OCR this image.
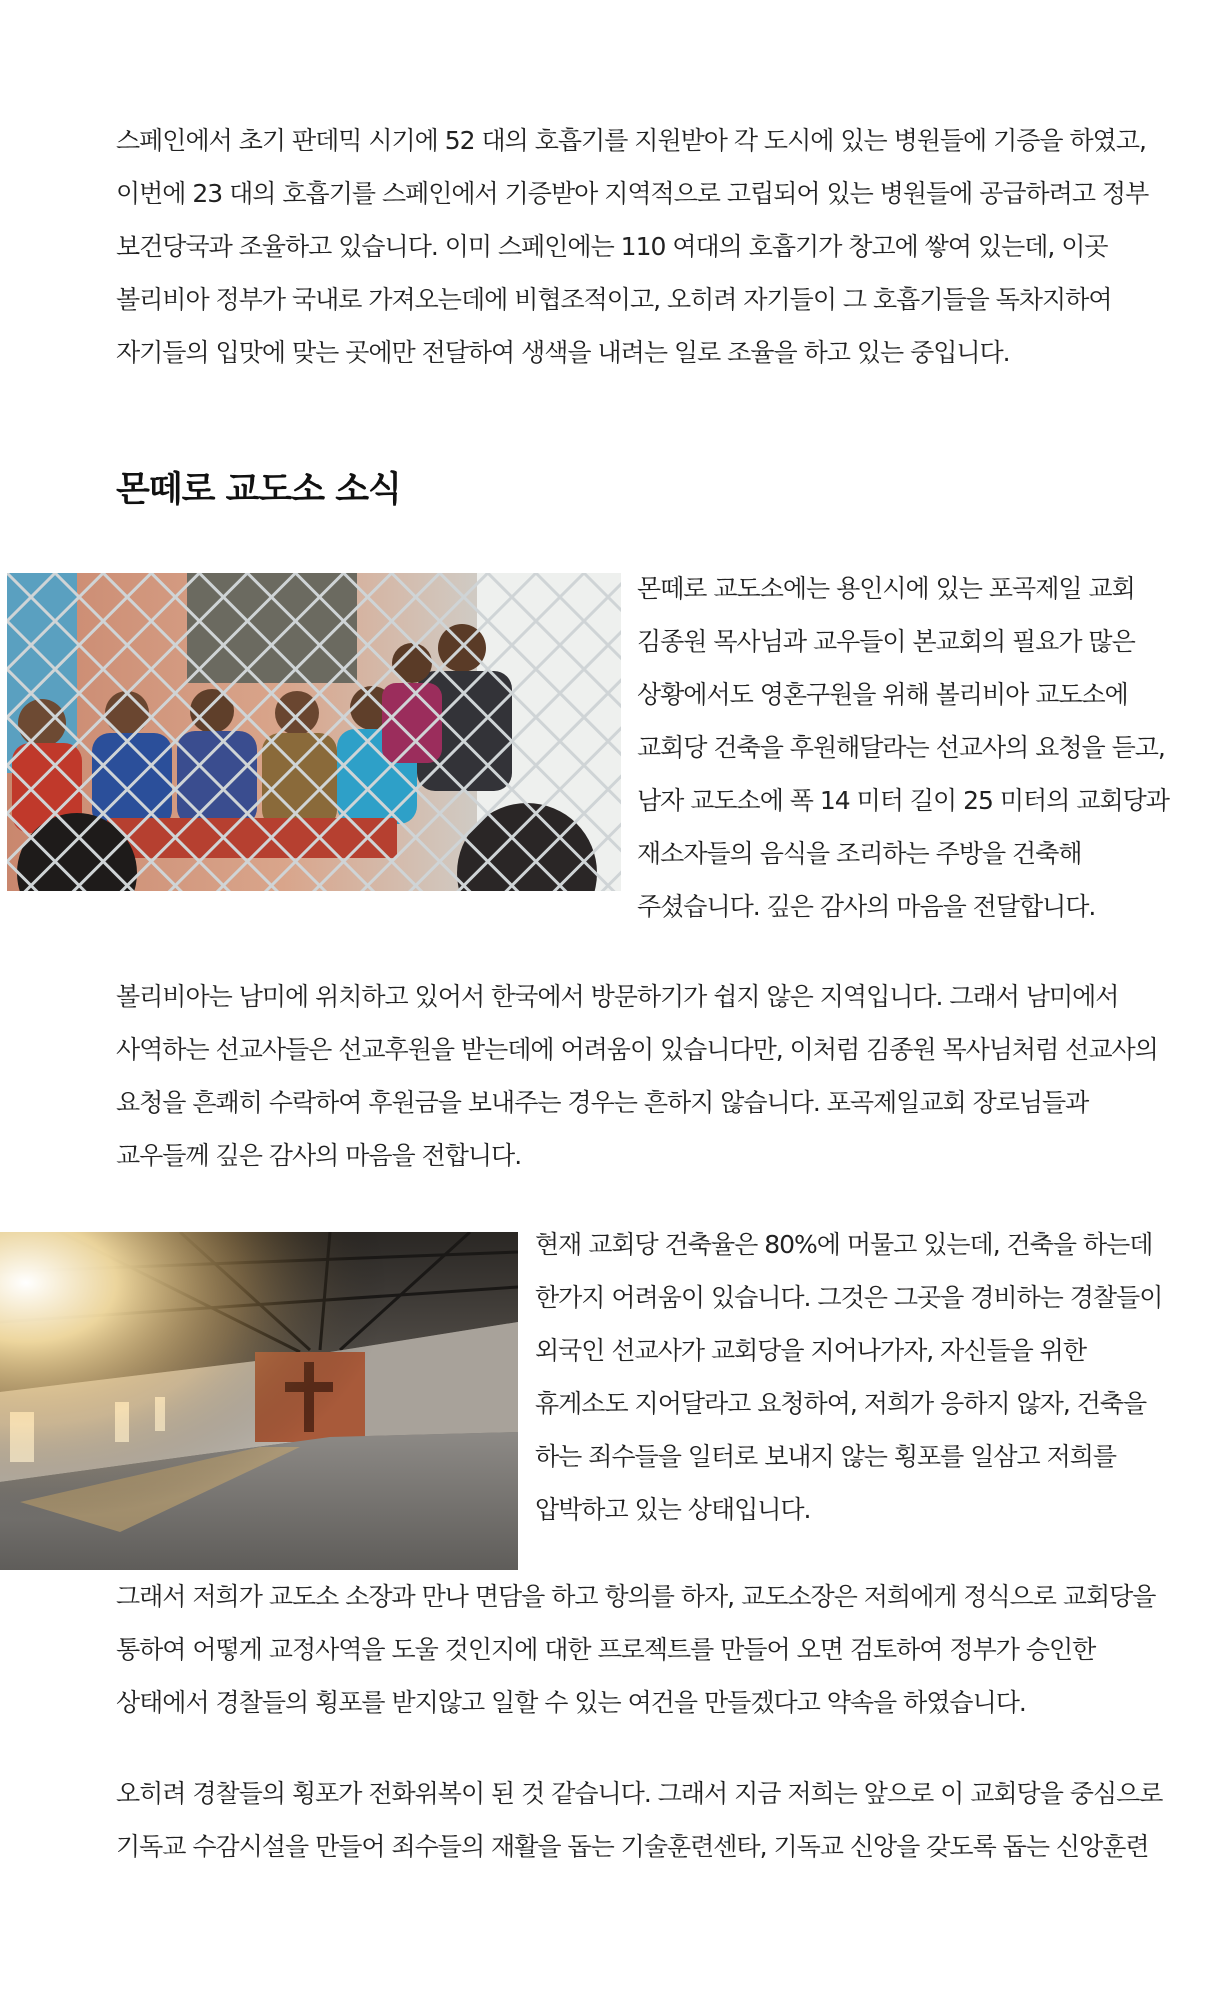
스페인에서 초기 판데믹 시기에 52 대의 호흡기를 지원받아 각 도시에 있는 병원들에 기증을 하였고,
이번에 23 대의 호흡기를 스페인에서 기증받아 지역적으로 고립되어 있는 병원들에 공급하려고 정부
보건당국과 조율하고 있습니다. 이미 스페인에는 110 여대의 호흡기가 창고에 쌓여 있는데, 이곳
볼리비아 정부가 국내로 가져오는데에 비협조적이고, 오히려 자기들이 그 호흡기들을 독차지하여
자기들의 입맛에 맞는 곳에만 전달하여 생색을 내려는 일로 조율을 하고 있는 중입니다.
몬떼로 교도소 소식
몬떼로 교도소에는 용인시에 있는 포곡제일 교회
김종원 목사님과 교우들이 본교회의 필요가 많은
상황에서도 영혼구원을 위해 볼리비아 교도소에
교회당 건축을 후원해달라는 선교사의 요청을 듣고,
남자 교도소에 폭 14 미터 길이 25 미터의 교회당과
재소자들의 음식을 조리하는 주방을 건축해
주셨습니다. 깊은 감사의 마음을 전달합니다.
볼리비아는 남미에 위치하고 있어서 한국에서 방문하기가 쉽지 않은 지역입니다. 그래서 남미에서
사역하는 선교사들은 선교후원을 받는데에 어려움이 있습니다만, 이처럼 김종원 목사님처럼 선교사의
요청을 흔쾌히 수락하여 후원금을 보내주는 경우는 흔하지 않습니다. 포곡제일교회 장로님들과
교우들께 깊은 감사의 마음을 전합니다.
현재 교회당 건축율은 80%에 머물고 있는데, 건축을 하는데
한가지 어려움이 있습니다. 그것은 그곳을 경비하는 경찰들이
외국인 선교사가 교회당을 지어나가자, 자신들을 위한
휴게소도 지어달라고 요청하여, 저희가 응하지 않자, 건축을
하는 죄수들을 일터로 보내지 않는 횡포를 일삼고 저희를
압박하고 있는 상태입니다.
그래서 저희가 교도소 소장과 만나 면담을 하고 항의를 하자, 교도소장은 저희에게 정식으로 교회당을
통하여 어떻게 교정사역을 도울 것인지에 대한 프로젝트를 만들어 오면 검토하여 정부가 승인한
상태에서 경찰들의 횡포를 받지않고 일할 수 있는 여건을 만들겠다고 약속을 하였습니다.
오히려 경찰들의 횡포가 전화위복이 된 것 같습니다. 그래서 지금 저희는 앞으로 이 교회당을 중심으로
기독교 수감시설을 만들어 죄수들의 재활을 돕는 기술훈련센타, 기독교 신앙을 갖도록 돕는 신앙훈련
